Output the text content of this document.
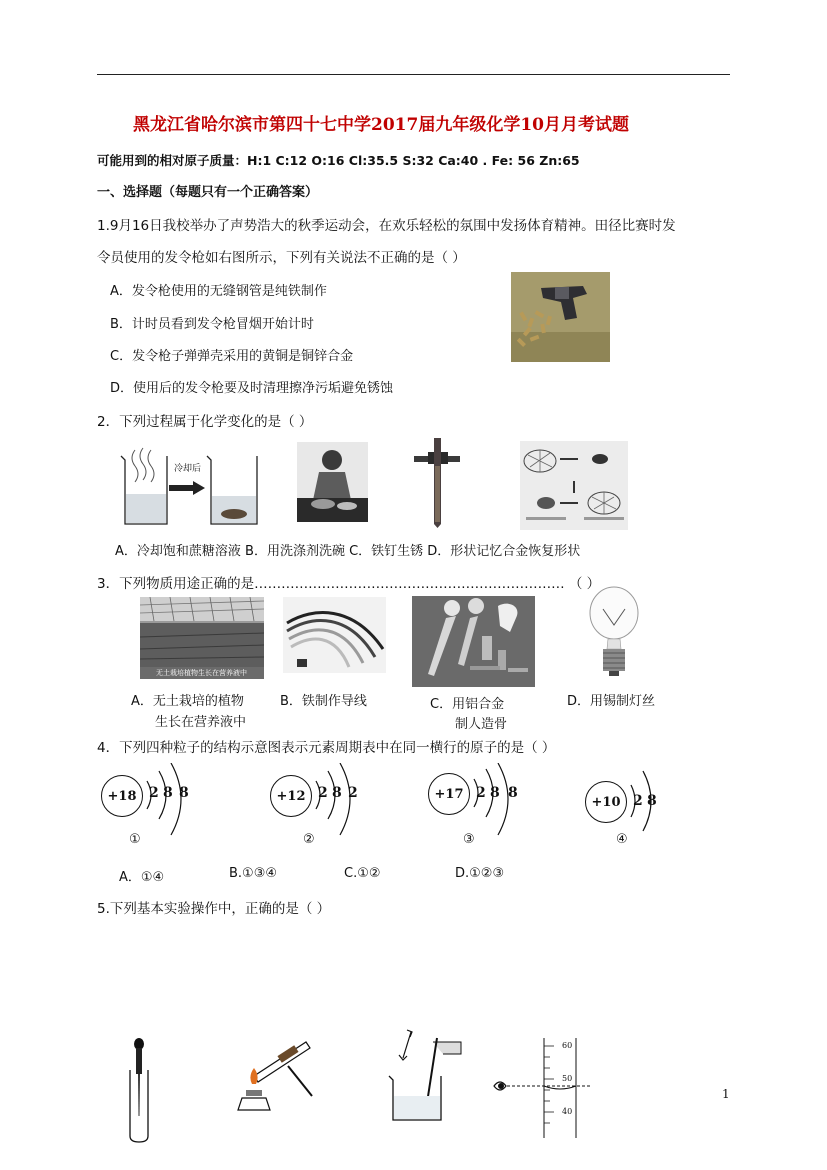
黑龙江省哈尔滨市第四十七中学2017届九年级化学10月月考试题
可能用到的相对原子质量：H:1 C:12 O:16 Cl:35.5 S:32 Ca:40 . Fe: 56 Zn:65
一、选择题（每题只有一个正确答案）
1.9月16日我校举办了声势浩大的秋季运动会，在欢乐轻松的氛围中发扬体育精神。田径比赛时发
令员使用的发令枪如右图所示，下列有关说法不正确的是（ ）
A．发令枪使用的无缝钢管是纯铁制作
B．计时员看到发令枪冒烟开始计时
C．发令枪子弹弹壳采用的黄铜是铜锌合金
D．使用后的发令枪要及时清理擦净污垢避免锈蚀
2．下列过程属于化学变化的是（ ）
冷却后
A．冷却饱和蔗糖溶液 B．用洗涤剂洗碗 C．铁钉生锈 D．形状记忆合金恢复形状
3．下列物质用途正确的是…………………………………………………………… （ ）
无土栽培植物生长在营养液中
A．无土栽培的植物
生长在营养液中
B．铁制作导线	C．用铝合金
制人造骨
D．用锡制灯丝
4．下列四种粒子的结构示意图表示元素周期表中在同一横行的原子的是（ ）
+18 2 8 8
①
+12 2 8 2
②
+17 2 8 8
③
+10 2 8
④
A．①④	B.①③④	C.①②	D.①②③
5.下列基本实验操作中，正确的是（ ）
60
50
40
1
